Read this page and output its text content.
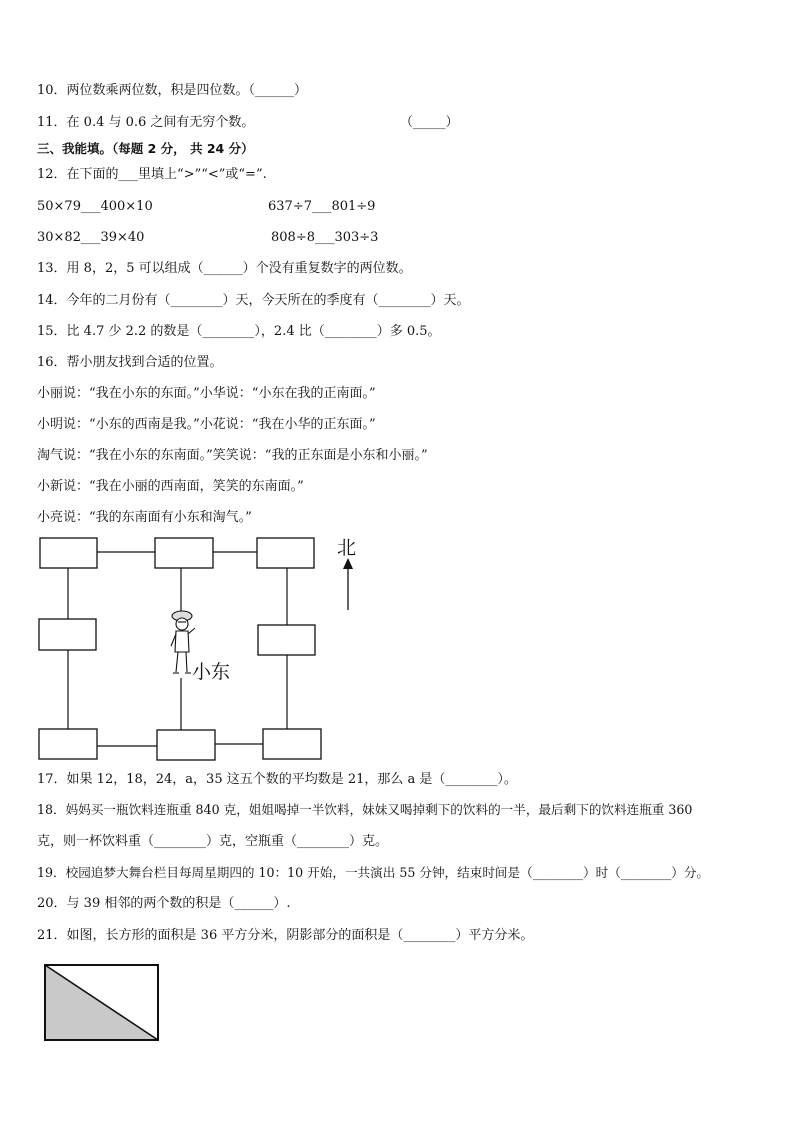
10．两位数乘两位数，积是四位数。（______）
11．在 0.4 与 0.6 之间有无穷个数。	（_____）
三、我能填。（每题 2 分， 共 24 分）
12．在下面的___里填上“>”“<”或“=”.
50×79___400×10	637÷7___801÷9
30×82___39×40	808÷8___303÷3
13．用 8，2，5 可以组成（______）个没有重复数字的两位数。
14．今年的二月份有（________）天，今天所在的季度有（________）天。
15．比 4.7 少 2.2 的数是（________），2.4 比（________）多 0.5。
16．帮小朋友找到合适的位置。
小丽说：“我在小东的东面。”小华说：“小东在我的正南面。”
小明说：“小东的西南是我。”小花说：“我在小华的正东面。”
淘气说：“我在小东的东南面。”笑笑说：“我的正东面是小东和小丽。”
小新说：“我在小丽的西南面，笑笑的东南面。”
小亮说：“我的东南面有小东和淘气。”
北
小东
17．如果 12，18，24，a，35 这五个数的平均数是 21，那么 a 是（________）。
18．妈妈买一瓶饮料连瓶重 840 克，姐姐喝掉一半饮料，妹妹又喝掉剩下的饮料的一半，最后剩下的饮料连瓶重 360
克，则一杯饮料重（________）克，空瓶重（________）克。
19．校园追梦大舞台栏目每周星期四的 10：10 开始，一共演出 55 分钟，结束时间是（________）时（________）分。
20．与 39 相邻的两个数的积是（______）.
21．如图，长方形的面积是 36 平方分米，阴影部分的面积是（________）平方分米。
